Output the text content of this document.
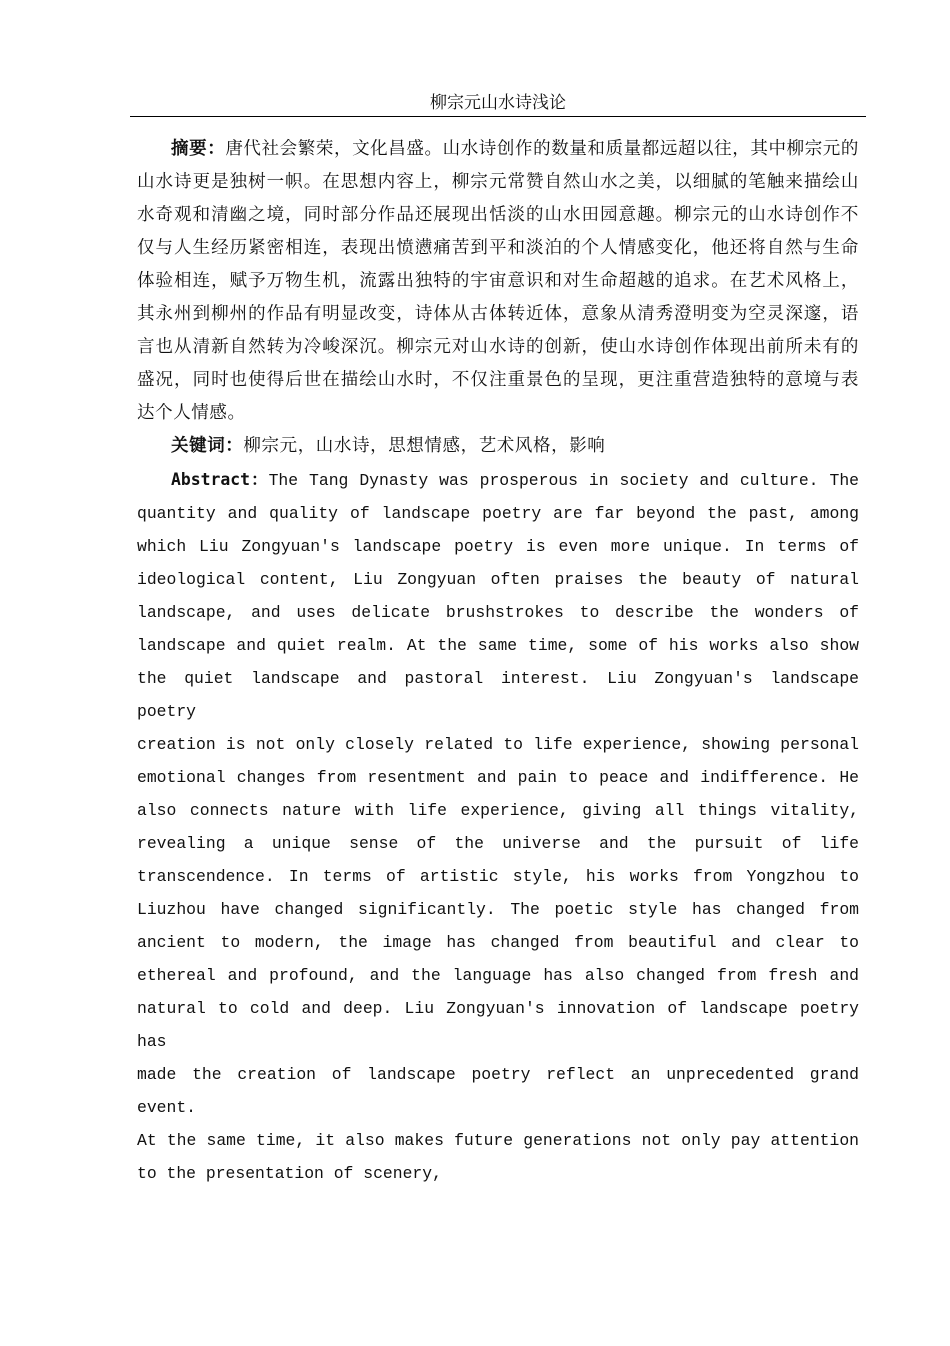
柳宗元山水诗浅论

摘要：唐代社会繁荣，文化昌盛。山水诗创作的数量和质量都远超以往，其中柳宗元的山水诗更是独树一帜。在思想内容上，柳宗元常赞自然山水之美，以细腻的笔触来描绘山水奇观和清幽之境，同时部分作品还展现出恬淡的山水田园意趣。柳宗元的山水诗创作不仅与人生经历紧密相连，表现出愤懑痛苦到平和淡泊的个人情感变化，他还将自然与生命体验相连，赋予万物生机，流露出独特的宇宙意识和对生命超越的追求。在艺术风格上，其永州到柳州的作品有明显改变，诗体从古体转近体，意象从清秀澄明变为空灵深邃，语言也从清新自然转为冷峻深沉。柳宗元对山水诗的创新，使山水诗创作体现出前所未有的盛况，同时也使得后世在描绘山水时，不仅注重景色的呈现，更注重营造独特的意境与表达个人情感。

关键词：柳宗元，山水诗，思想情感，艺术风格，影响

Abstract：The Tang Dynasty was prosperous in society and culture. The
quantity and quality of landscape poetry are far beyond the past, among
which Liu Zongyuan's landscape poetry is even more unique. In terms of
ideological content, Liu Zongyuan often praises the beauty of natural
landscape, and uses delicate brushstrokes to describe the wonders of
landscape and quiet realm. At the same time, some of his works also show
the quiet landscape and pastoral interest. Liu Zongyuan's landscape poetry
creation is not only closely related to life experience, showing personal
emotional changes from resentment and pain to peace and indifference. He
also connects nature with life experience, giving all things vitality,
revealing a unique sense of the universe and the pursuit of life
transcendence. In terms of artistic style, his works from Yongzhou to
Liuzhou have changed significantly. The poetic style has changed from
ancient to modern, the image has changed from beautiful and clear to
ethereal and profound, and the language has also changed from fresh and
natural to cold and deep. Liu Zongyuan's innovation of landscape poetry has
made the creation of landscape poetry reflect an unprecedented grand event.
At the same time, it also makes future generations not only pay attention
to the presentation of scenery,
